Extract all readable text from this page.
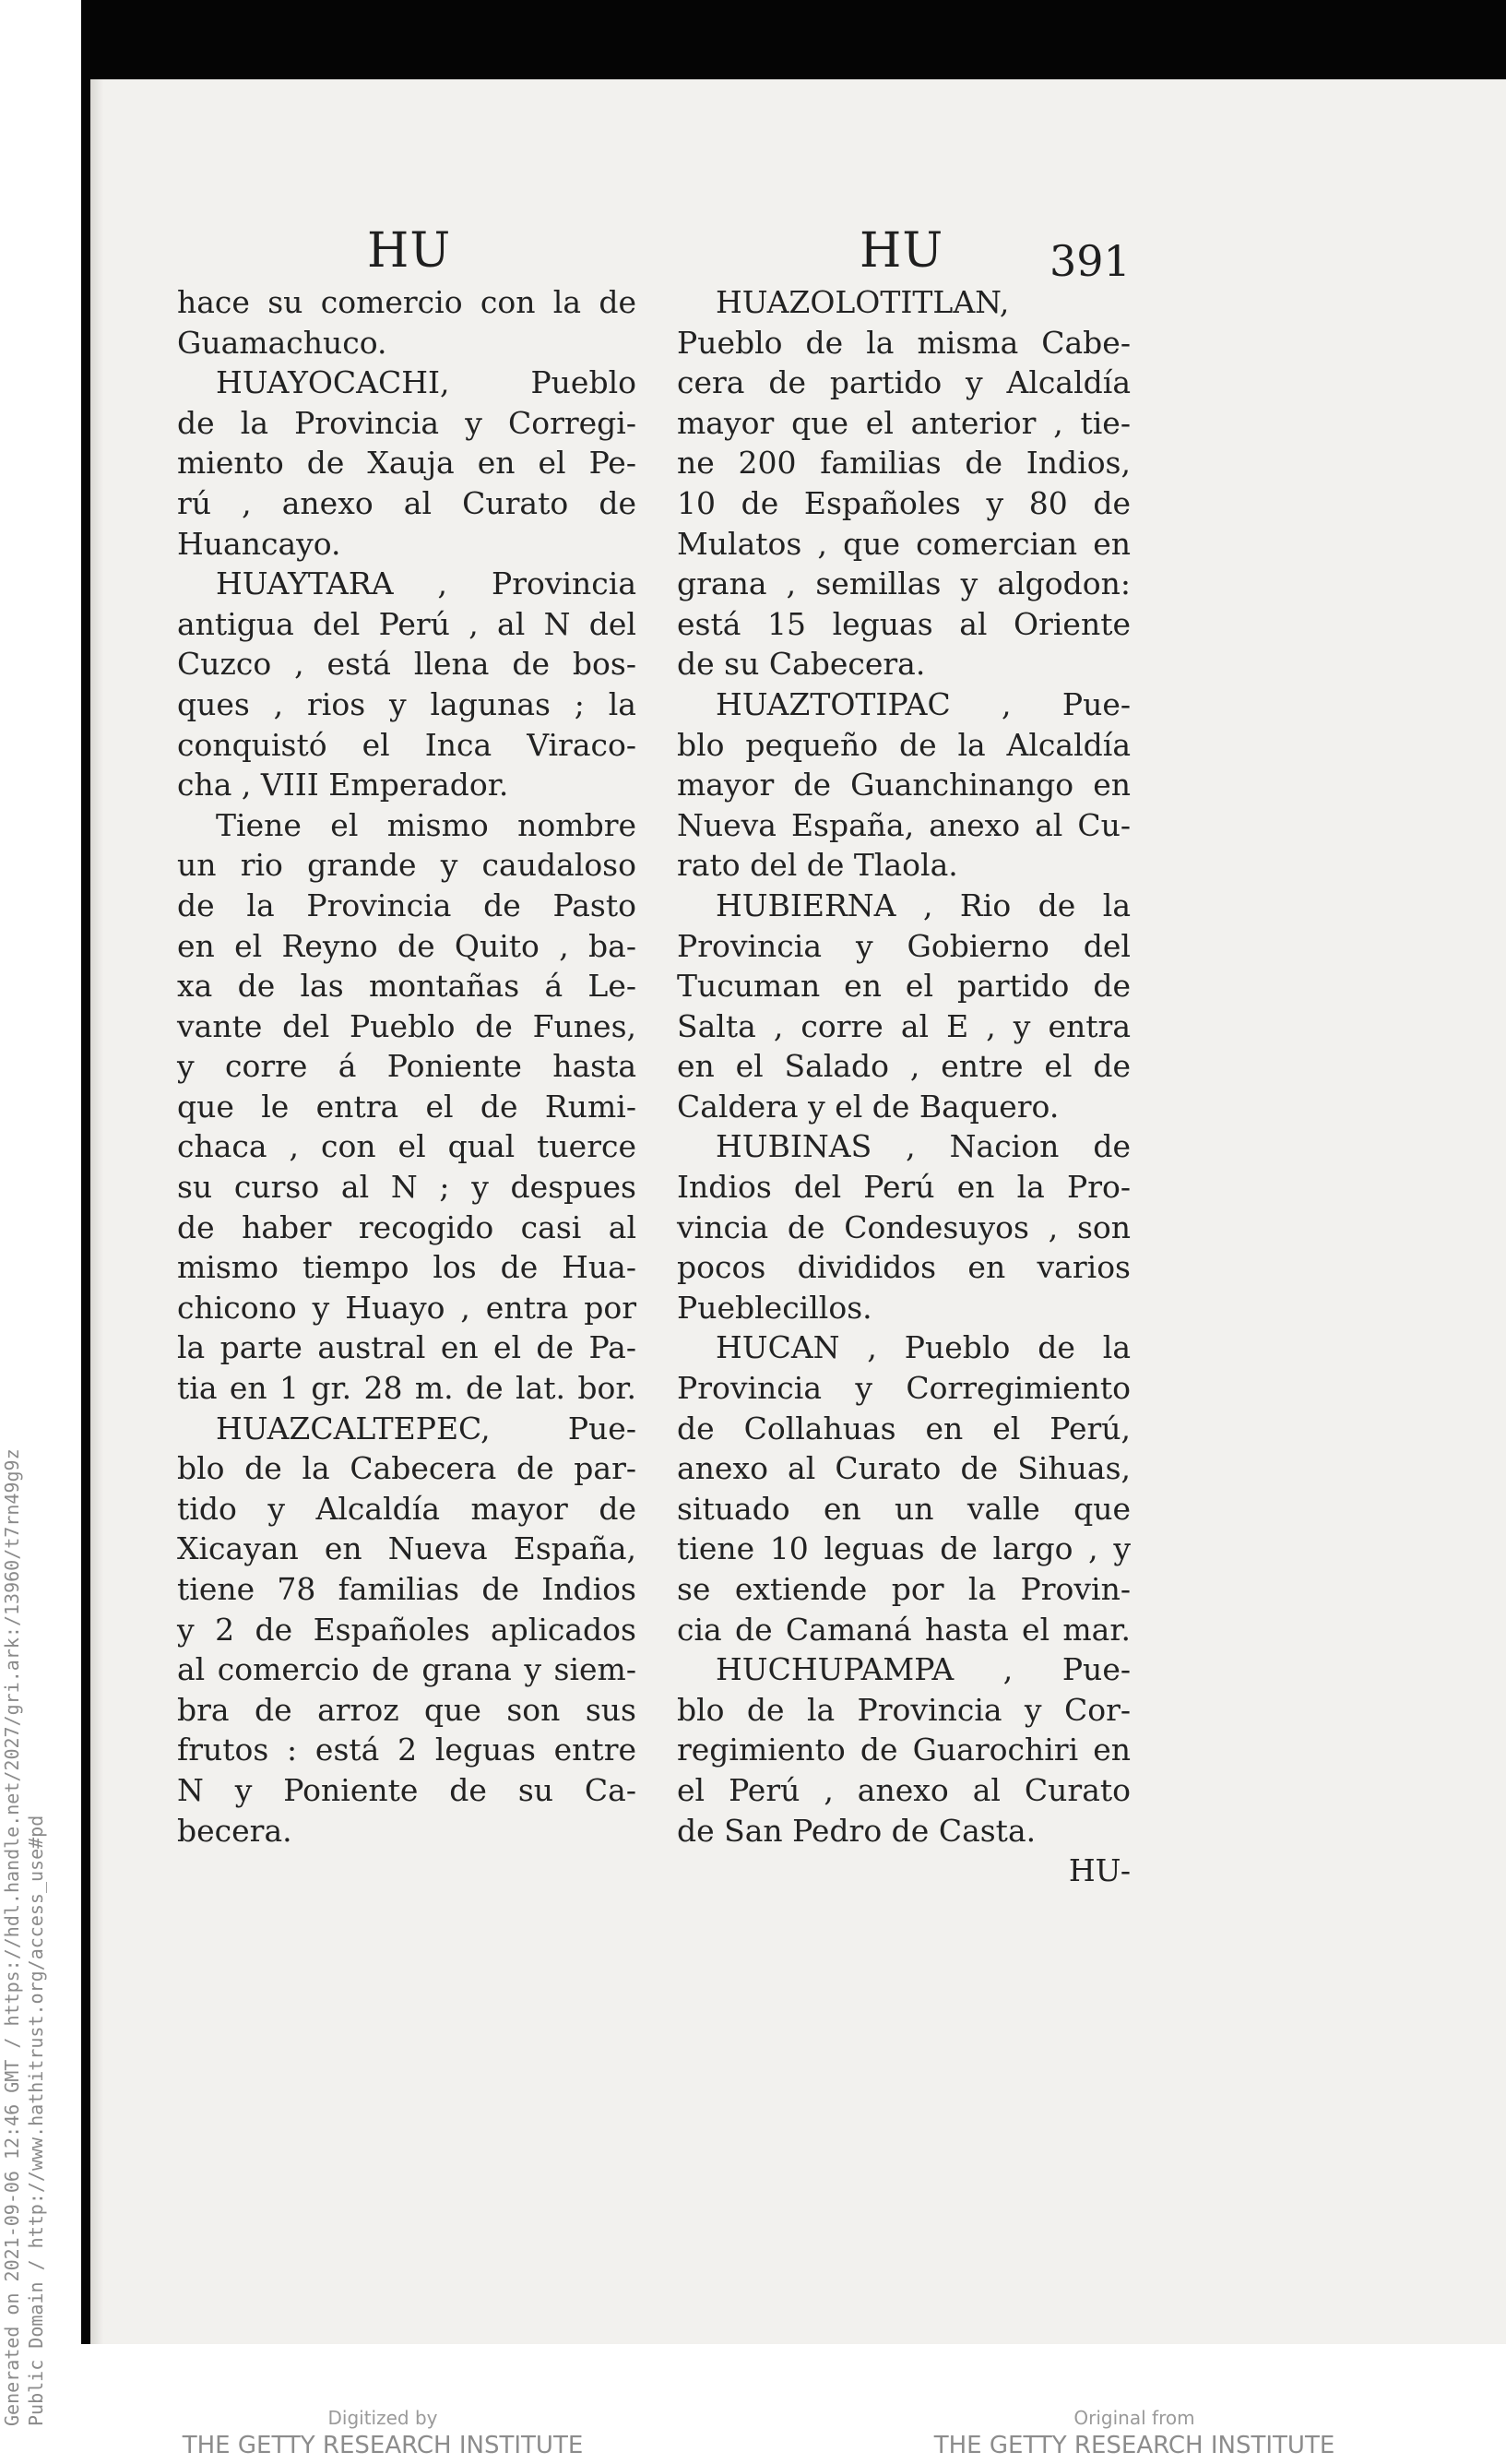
HU	HU 391
hace su comercio con la de
Guamachuco.
HUAYOCACHI, Pueblo
de la Provincia y Corregi-
miento de Xauja en el Pe-
rú , anexo al Curato de
Huancayo.
HUAYTARA , Provincia
antigua del Perú , al N del
Cuzco , está llena de bos-
ques , rios y lagunas ; la
conquistó el Inca Viraco-
cha , VIII Emperador.
Tiene el mismo nombre
un rio grande y caudaloso
de la Provincia de Pasto
en el Reyno de Quito , ba-
xa de las montañas á Le-
vante del Pueblo de Funes,
y corre á Poniente hasta
que le entra el de Rumi-
chaca , con el qual tuerce
su curso al N ; y despues
de haber recogido casi al
mismo tiempo los de Hua-
chicono y Huayo , entra por
la parte austral en el de Pa-
tia en 1 gr. 28 m. de lat. bor.
HUAZCALTEPEC, Pue-
blo de la Cabecera de par-
tido y Alcaldía mayor de
Xicayan en Nueva España,
tiene 78 familias de Indios
y 2 de Españoles aplicados
al comercio de grana y siem-
bra de arroz que son sus
frutos : está 2 leguas entre
N y Poniente de su Ca-
becera.
HUAZOLOTITLAN,
Pueblo de la misma Cabe-
cera de partido y Alcaldía
mayor que el anterior , tie-
ne 200 familias de Indios,
10 de Españoles y 80 de
Mulatos , que comercian en
grana , semillas y algodon:
está 15 leguas al Oriente
de su Cabecera.
HUAZTOTIPAC , Pue-
blo pequeño de la Alcaldía
mayor de Guanchinango en
Nueva España, anexo al Cu-
rato del de Tlaola.
HUBIERNA , Rio de la
Provincia y Gobierno del
Tucuman en el partido de
Salta , corre al E , y entra
en el Salado , entre el de
Caldera y el de Baquero.
HUBINAS , Nacion de
Indios del Perú en la Pro-
vincia de Condesuyos , son
pocos divididos en varios
Pueblecillos.
HUCAN , Pueblo de la
Provincia y Corregimiento
de Collahuas en el Perú,
anexo al Curato de Sihuas,
situado en un valle que
tiene 10 leguas de largo , y
se extiende por la Provin-
cia de Camaná hasta el mar.
HUCHUPAMPA , Pue-
blo de la Provincia y Cor-
regimiento de Guarochiri en
el Perú , anexo al Curato
de San Pedro de Casta.
HU-
Generated on 2021-09-06 12:46 GMT / https://hdl.handle.net/2027/gri.ark:/13960/t7rn49g9z Public Domain / http://www.hathitrust.org/access_use#pd	Digitized by
THE GETTY RESEARCH INSTITUTE
Original from
THE GETTY RESEARCH INSTITUTE
